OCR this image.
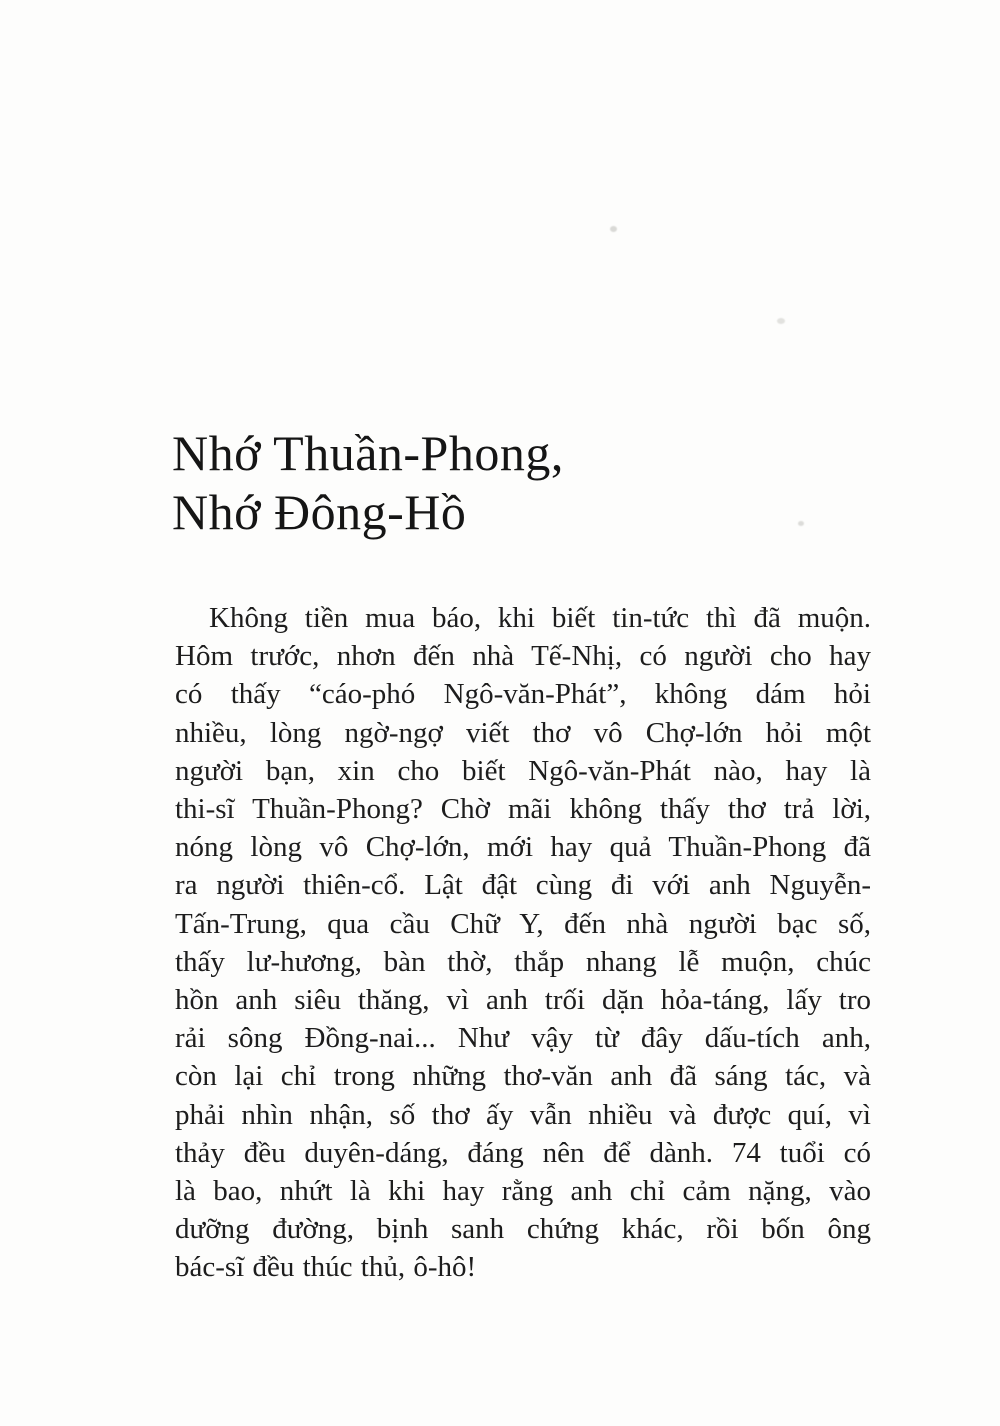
Nhớ Thuần-Phong,
Nhớ Đông-Hồ
Không tiền mua báo, khi biết tin-tức thì đã muộn.
Hôm trước, nhơn đến nhà Tế-Nhị, có người cho hay
có thấy “cáo-phó Ngô-văn-Phát”, không dám hỏi
nhiều, lòng ngờ-ngợ viết thơ vô Chợ-lớn hỏi một
người bạn, xin cho biết Ngô-văn-Phát nào, hay là
thi-sĩ Thuần-Phong? Chờ mãi không thấy thơ trả lời,
nóng lòng vô Chợ-lớn, mới hay quả Thuần-Phong đã
ra người thiên-cổ. Lật đật cùng đi với anh Nguyễn-
Tấn-Trung, qua cầu Chữ Y, đến nhà người bạc số,
thấy lư-hương, bàn thờ, thắp nhang lễ muộn, chúc
hồn anh siêu thăng, vì anh trối dặn hỏa-táng, lấy tro
rải sông Đồng-nai... Như vậy từ đây dấu-tích anh,
còn lại chỉ trong những thơ-văn anh đã sáng tác, và
phải nhìn nhận, số thơ ấy vẫn nhiều và được quí, vì
thảy đều duyên-dáng, đáng nên để dành. 74 tuổi có
là bao, nhứt là khi hay rằng anh chỉ cảm nặng, vào
dưỡng đường, bịnh sanh chứng khác, rồi bốn ông
bác-sĩ đều thúc thủ, ô-hô!
